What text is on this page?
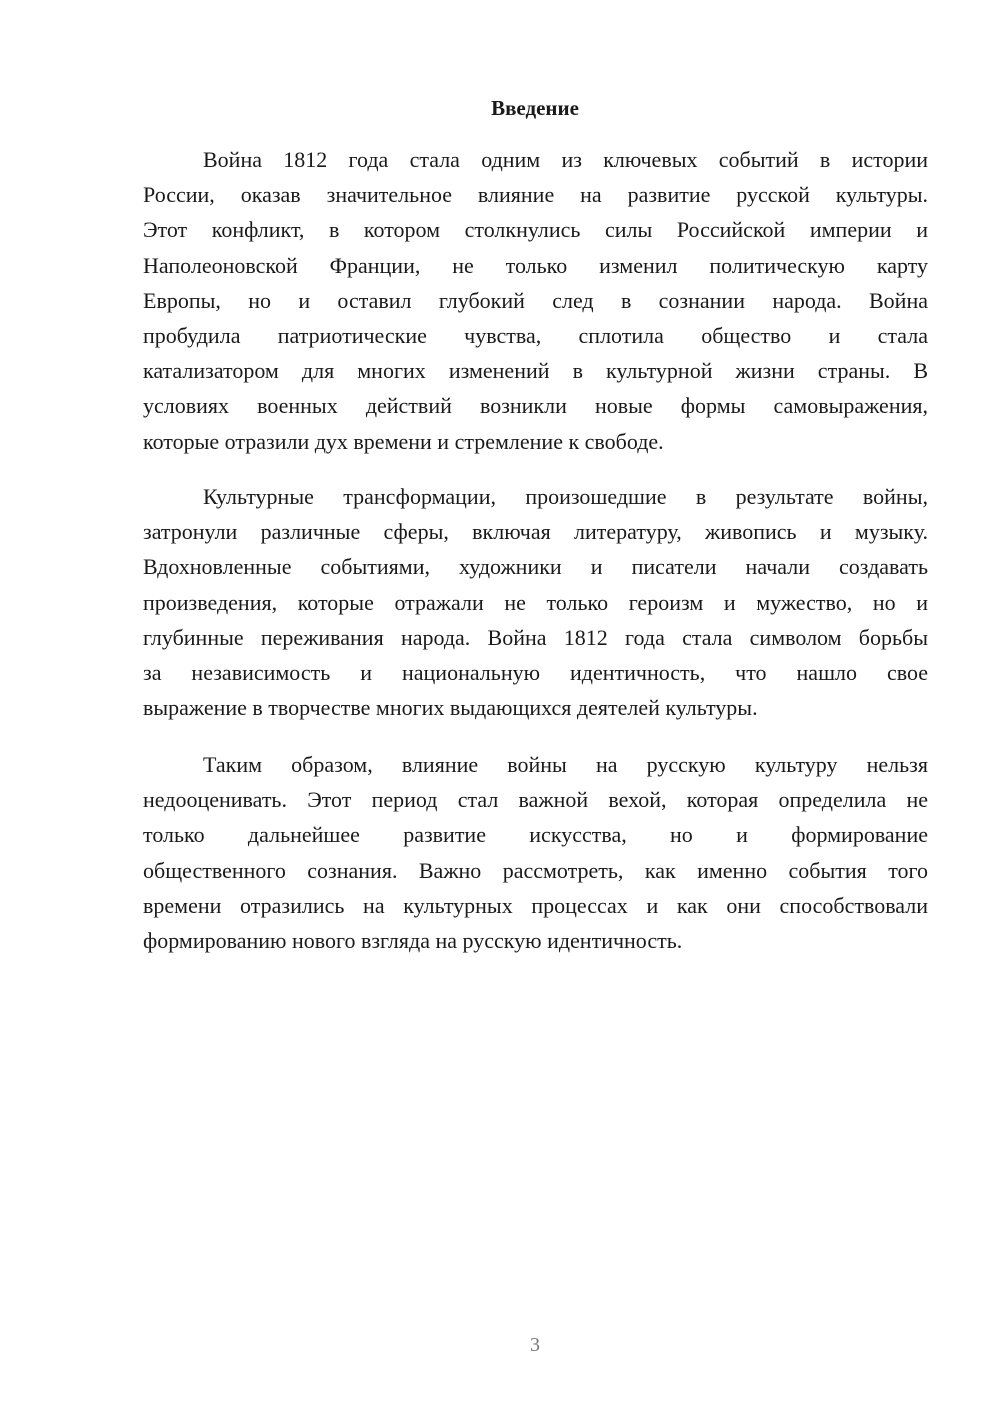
Введение
Война 1812 года стала одним из ключевых событий в истории
России, оказав значительное влияние на развитие русской культуры.
Этот конфликт, в котором столкнулись силы Российской империи и
Наполеоновской Франции, не только изменил политическую карту
Европы, но и оставил глубокий след в сознании народа. Война
пробудила патриотические чувства, сплотила общество и стала
катализатором для многих изменений в культурной жизни страны. В
условиях военных действий возникли новые формы самовыражения,
которые отразили дух времени и стремление к свободе.
Культурные трансформации, произошедшие в результате войны,
затронули различные сферы, включая литературу, живопись и музыку.
Вдохновленные событиями, художники и писатели начали создавать
произведения, которые отражали не только героизм и мужество, но и
глубинные переживания народа. Война 1812 года стала символом борьбы
за независимость и национальную идентичность, что нашло свое
выражение в творчестве многих выдающихся деятелей культуры.
Таким образом, влияние войны на русскую культуру нельзя
недооценивать. Этот период стал важной вехой, которая определила не
только дальнейшее развитие искусства, но и формирование
общественного сознания. Важно рассмотреть, как именно события того
времени отразились на культурных процессах и как они способствовали
формированию нового взгляда на русскую идентичность.
3
